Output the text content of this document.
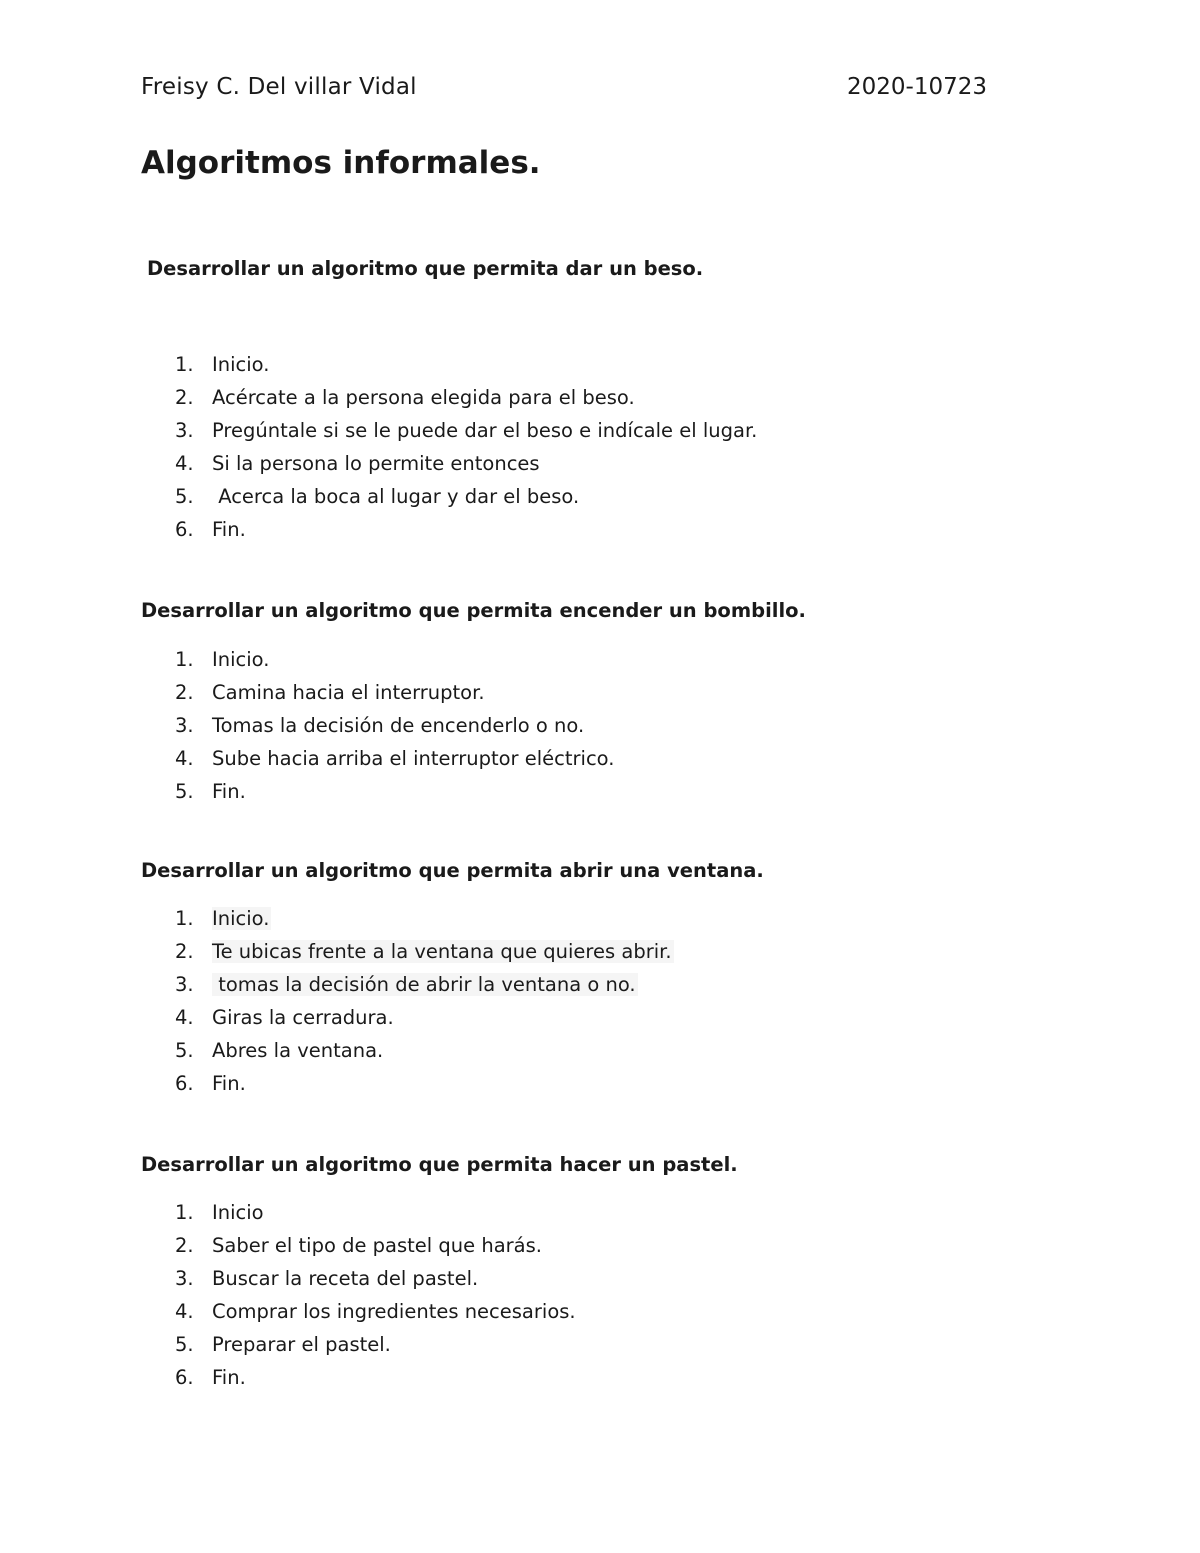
Freisy C. Del villar Vidal	2020-10723
Algoritmos informales.
Desarrollar un algoritmo que permita dar un beso.
1. Inicio.
2. Acércate a la persona elegida para el beso.
3. Pregúntale si se le puede dar el beso e indícale el lugar.
4. Si la persona lo permite entonces
5. Acerca la boca al lugar y dar el beso.
6. Fin.
Desarrollar un algoritmo que permita encender un bombillo.
1. Inicio.
2. Camina hacia el interruptor.
3. Tomas la decisión de encenderlo o no.
4. Sube hacia arriba el interruptor eléctrico.
5. Fin.
Desarrollar un algoritmo que permita abrir una ventana.
1. Inicio.
2. Te ubicas frente a la ventana que quieres abrir.
3. tomas la decisión de abrir la ventana o no.
4. Giras la cerradura.
5. Abres la ventana.
6. Fin.
Desarrollar un algoritmo que permita hacer un pastel.
1. Inicio
2. Saber el tipo de pastel que harás.
3. Buscar la receta del pastel.
4. Comprar los ingredientes necesarios.
5. Preparar el pastel.
6. Fin.
